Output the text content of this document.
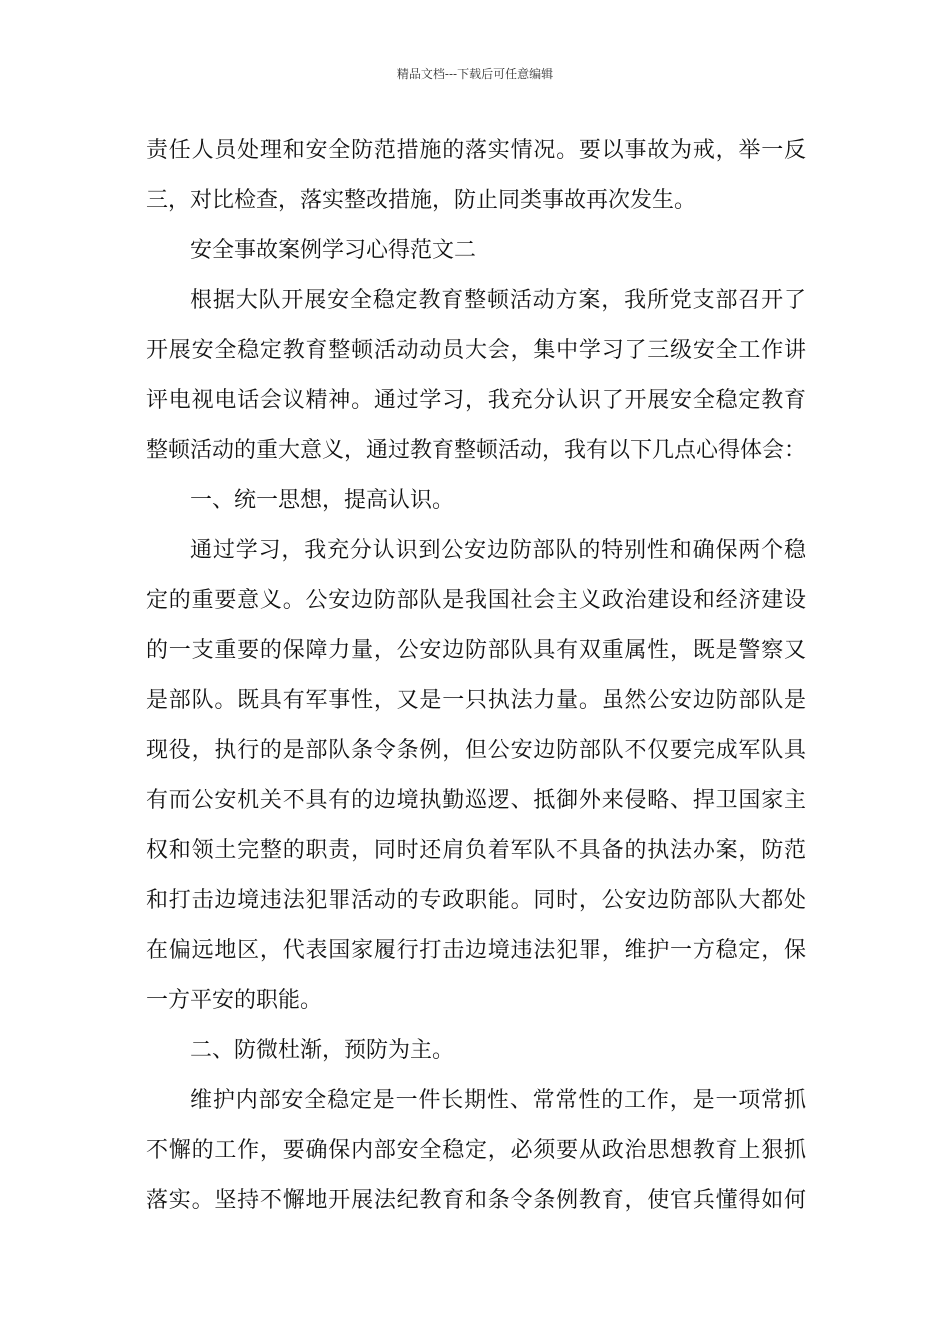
精品文档---下载后可任意编辑
责任人员处理和安全防范措施的落实情况。要以事故为戒，举一反
三，对比检查，落实整改措施，防止同类事故再次发生。
安全事故案例学习心得范文二
根据大队开展安全稳定教育整顿活动方案，我所党支部召开了
开展安全稳定教育整顿活动动员大会，集中学习了三级安全工作讲
评电视电话会议精神。通过学习，我充分认识了开展安全稳定教育
整顿活动的重大意义，通过教育整顿活动，我有以下几点心得体会：
一、统一思想，提高认识。
通过学习，我充分认识到公安边防部队的特别性和确保两个稳
定的重要意义。公安边防部队是我国社会主义政治建设和经济建设
的一支重要的保障力量，公安边防部队具有双重属性，既是警察又
是部队。既具有军事性，又是一只执法力量。虽然公安边防部队是
现役，执行的是部队条令条例，但公安边防部队不仅要完成军队具
有而公安机关不具有的边境执勤巡逻、抵御外来侵略、捍卫国家主
权和领土完整的职责，同时还肩负着军队不具备的执法办案，防范
和打击边境违法犯罪活动的专政职能。同时，公安边防部队大都处
在偏远地区，代表国家履行打击边境违法犯罪，维护一方稳定，保
一方平安的职能。
二、防微杜渐，预防为主。
维护内部安全稳定是一件长期性、常常性的工作，是一项常抓
不懈的工作，要确保内部安全稳定，必须要从政治思想教育上狠抓
落实。坚持不懈地开展法纪教育和条令条例教育，使官兵懂得如何
